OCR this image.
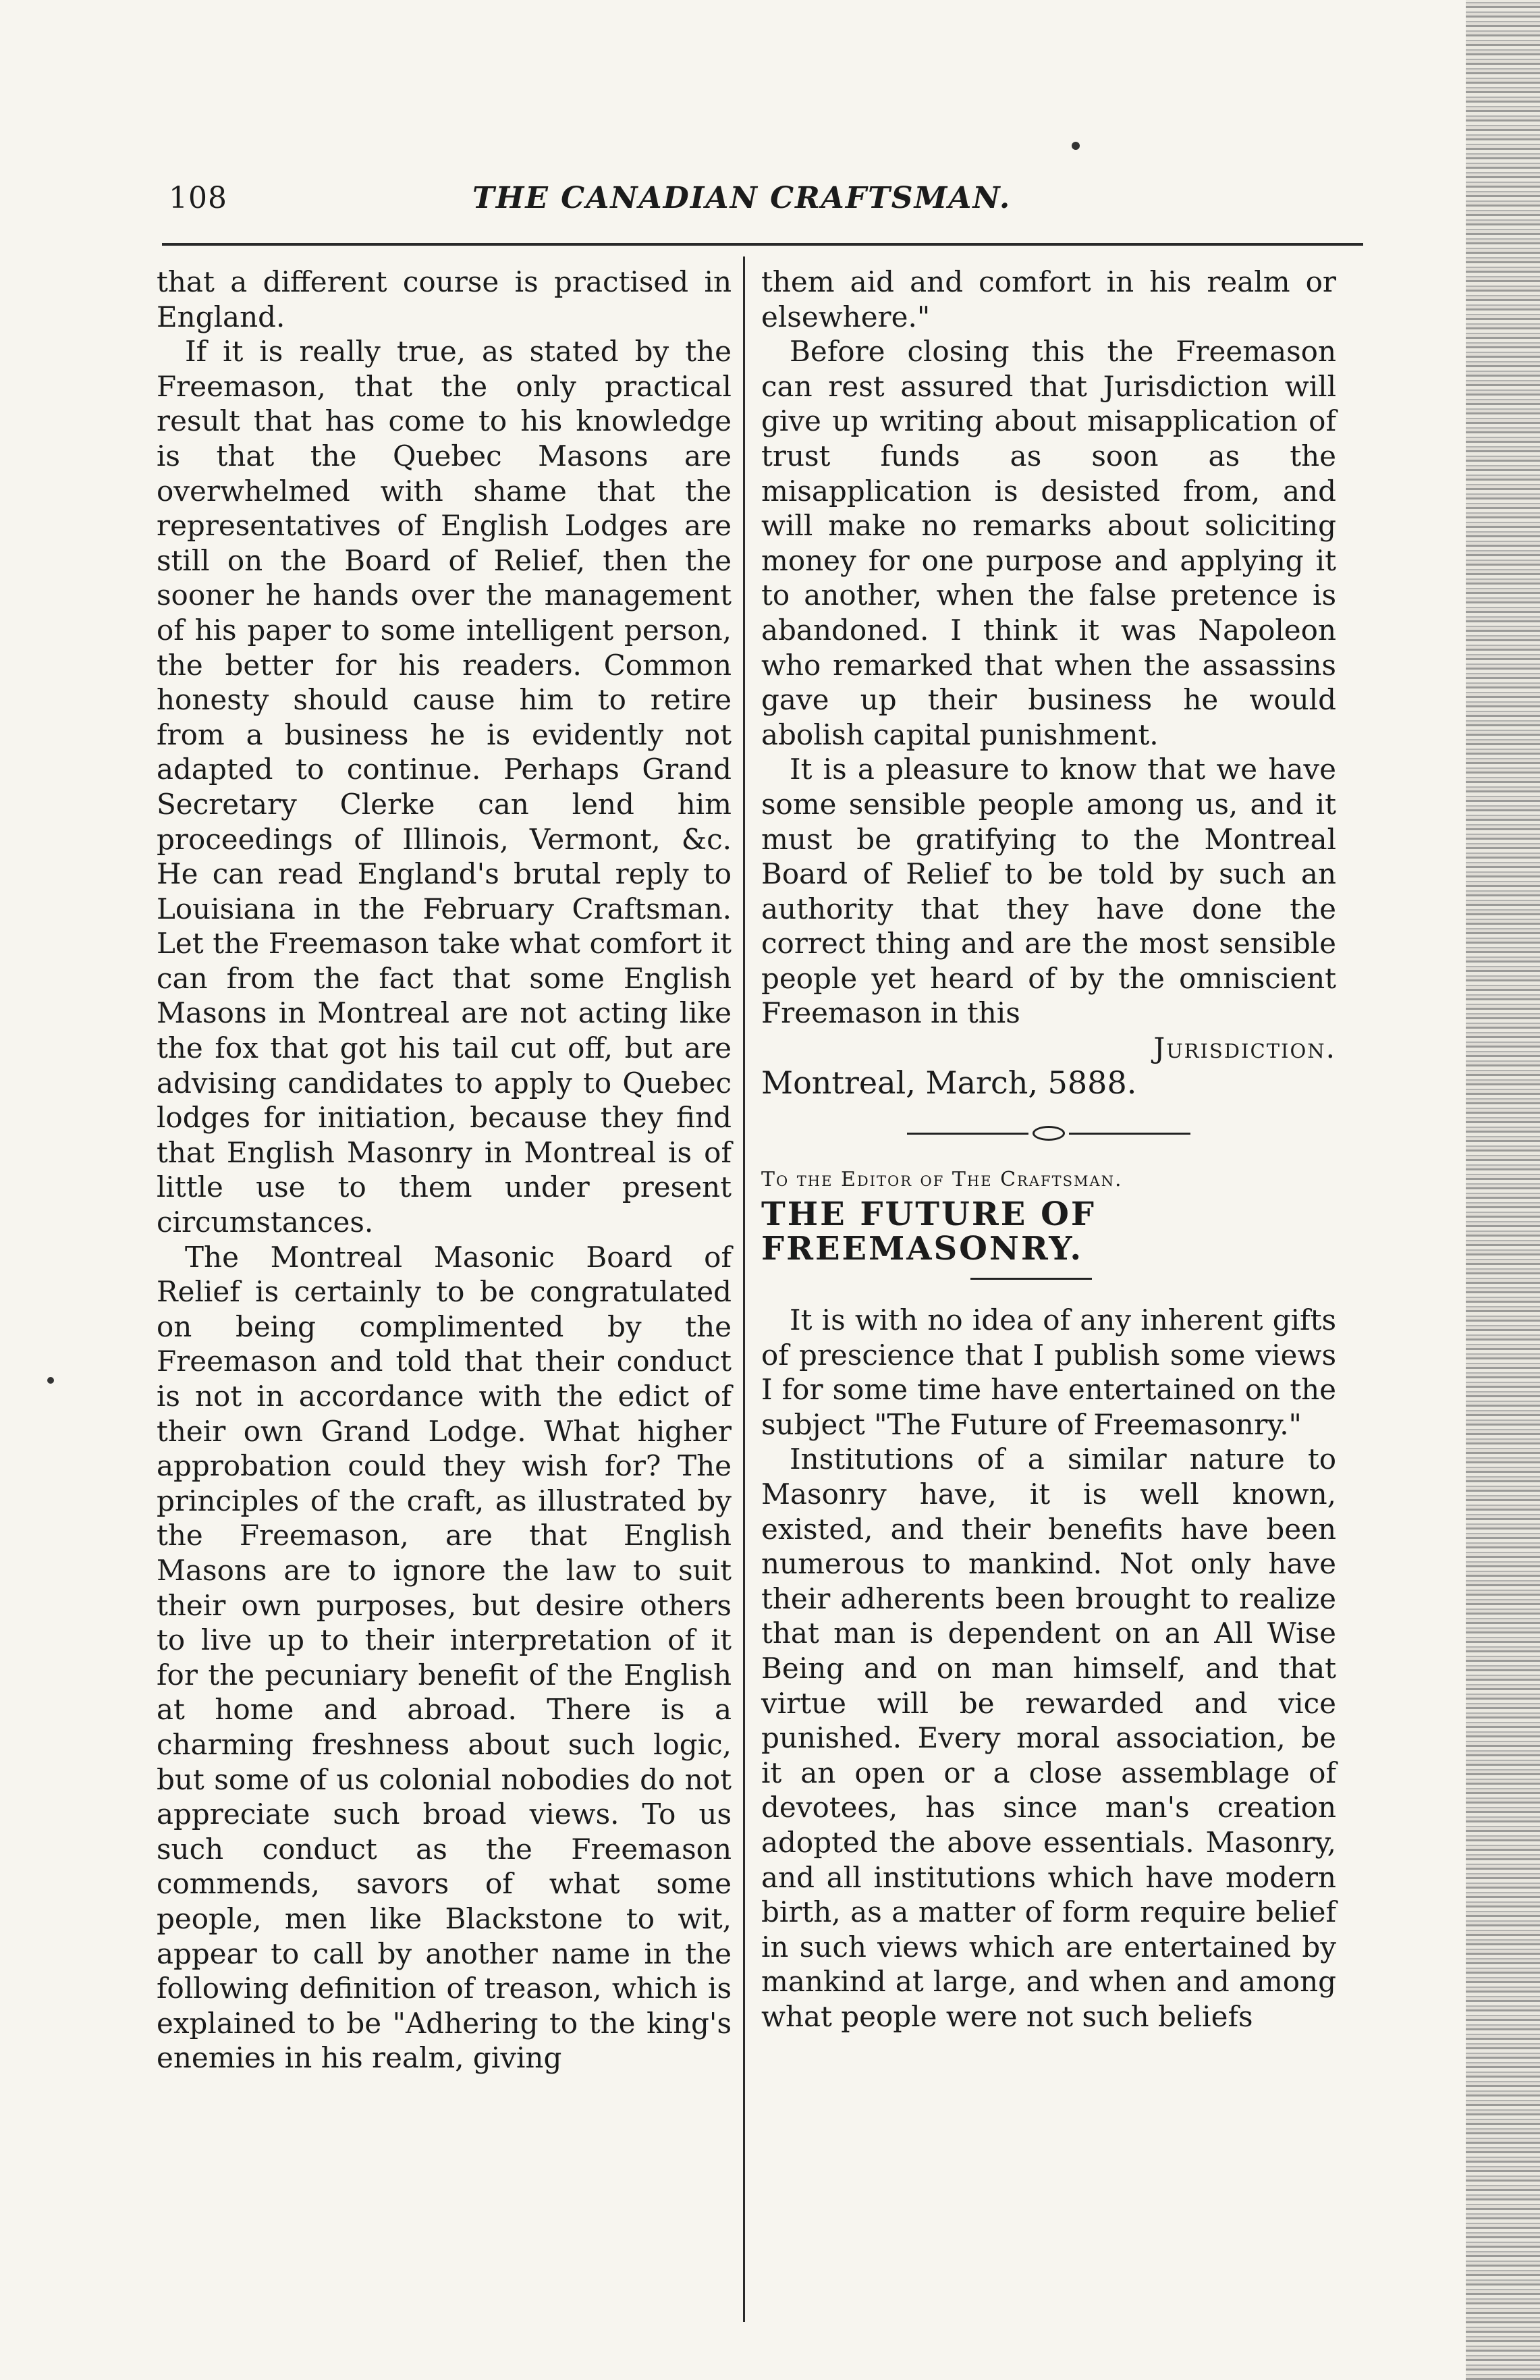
108	THE CANADIAN CRAFTSMAN.

that a different course is practised in England.

If it is really true, as stated by the Freemason, that the only practical result that has come to his knowledge is that the Quebec Masons are overwhelmed with shame that the representatives of English Lodges are still on the Board of Relief, then the sooner he hands over the management of his paper to some intelligent person, the better for his readers. Common honesty should cause him to retire from a business he is evidently not adapted to continue. Perhaps Grand Secretary Clerke can lend him proceedings of Illinois, Vermont, &c. He can read England's brutal reply to Louisiana in the February Craftsman. Let the Freemason take what comfort it can from the fact that some English Masons in Montreal are not acting like the fox that got his tail cut off, but are advising candidates to apply to Quebec lodges for initiation, because they find that English Masonry in Montreal is of little use to them under present circumstances.

The Montreal Masonic Board of Relief is certainly to be congratulated on being complimented by the Freemason and told that their conduct is not in accordance with the edict of their own Grand Lodge. What higher approbation could they wish for? The principles of the craft, as illustrated by the Freemason, are that English Masons are to ignore the law to suit their own purposes, but desire others to live up to their interpretation of it for the pecuniary benefit of the English at home and abroad. There is a charming freshness about such logic, but some of us colonial nobodies do not appreciate such broad views. To us such conduct as the Freemason commends, savors of what some people, men like Blackstone to wit, appear to call by another name in the following definition of treason, which is explained to be "Adhering to the king's enemies in his realm, giving

them aid and comfort in his realm or elsewhere."

Before closing this the Freemason can rest assured that Jurisdiction will give up writing about misapplication of trust funds as soon as the misapplication is desisted from, and will make no remarks about soliciting money for one purpose and applying it to another, when the false pretence is abandoned. I think it was Napoleon who remarked that when the assassins gave up their business he would abolish capital punishment.

It is a pleasure to know that we have some sensible people among us, and it must be gratifying to the Montreal Board of Relief to be told by such an authority that they have done the correct thing and are the most sensible people yet heard of by the omniscient Freemason in this

Jurisdiction.

Montreal, March, 5888.

To the Editor of The Craftsman.

THE FUTURE OF FREEMASONRY.

It is with no idea of any inherent gifts of prescience that I publish some views I for some time have entertained on the subject "The Future of Freemasonry."

Institutions of a similar nature to Masonry have, it is well known, existed, and their benefits have been numerous to mankind. Not only have their adherents been brought to realize that man is dependent on an All Wise Being and on man himself, and that virtue will be rewarded and vice punished. Every moral association, be it an open or a close assemblage of devotees, has since man's creation adopted the above essentials. Masonry, and all institutions which have modern birth, as a matter of form require belief in such views which are entertained by mankind at large, and when and among what people were not such beliefs
